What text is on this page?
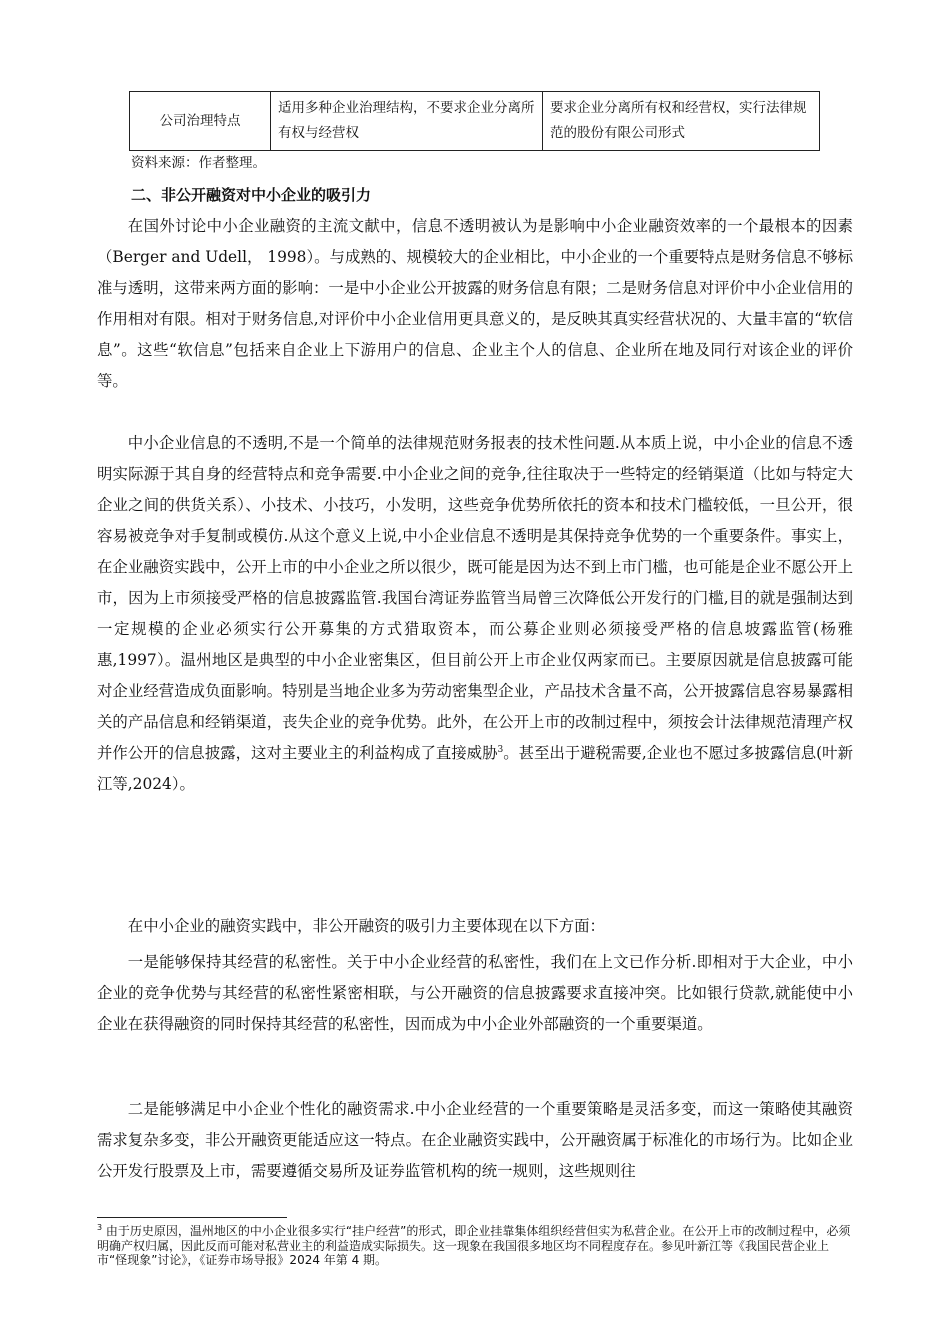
公司治理特点	适用多种企业治理结构，不要求企业分离所有权与经营权	要求企业分离所有权和经营权，实行法律规范的股份有限公司形式
资料来源：作者整理。
二、非公开融资对中小企业的吸引力

在国外讨论中小企业融资的主流文献中，信息不透明被认为是影响中小企业融资效率的一个最根本的因素（Berger and Udell， 1998）。与成熟的、规模较大的企业相比，中小企业的一个重要特点是财务信息不够标准与透明，这带来两方面的影响：一是中小企业公开披露的财务信息有限；二是财务信息对评价中小企业信用的作用相对有限。相对于财务信息,对评价中小企业信用更具意义的，是反映其真实经营状况的、大量丰富的“软信息”。这些“软信息”包括来自企业上下游用户的信息、企业主个人的信息、企业所在地及同行对该企业的评价等。

中小企业信息的不透明,不是一个简单的法律规范财务报表的技术性问题.从本质上说，中小企业的信息不透明实际源于其自身的经营特点和竞争需要.中小企业之间的竞争,往往取决于一些特定的经销渠道（比如与特定大企业之间的供货关系）、小技术、小技巧，小发明，这些竞争优势所依托的资本和技术门槛较低，一旦公开，很容易被竞争对手复制或模仿.从这个意义上说,中小企业信息不透明是其保持竞争优势的一个重要条件。事实上，在企业融资实践中，公开上市的中小企业之所以很少，既可能是因为达不到上市门槛，也可能是企业不愿公开上市，因为上市须接受严格的信息披露监管.我国台湾证券监管当局曾三次降低公开发行的门槛,目的就是强制达到一定规模的企业必须实行公开募集的方式猎取资本，而公募企业则必须接受严格的信息坡露监管(杨雅惠,1997）。温州地区是典型的中小企业密集区，但目前公开上市企业仅两家而已。主要原因就是信息披露可能对企业经营造成负面影响。特别是当地企业多为劳动密集型企业，产品技术含量不高，公开披露信息容易暴露相关的产品信息和经销渠道，丧失企业的竞争优势。此外，在公开上市的改制过程中，须按会计法律规范清理产权并作公开的信息披露，这对主要业主的利益构成了直接威胁$^3$。甚至出于避税需要,企业也不愿过多披露信息(叶新江等,2024）。

在中小企业的融资实践中，非公开融资的吸引力主要体现在以下方面：

一是能够保持其经营的私密性。关于中小企业经营的私密性，我们在上文已作分析.即相对于大企业，中小企业的竞争优势与其经营的私密性紧密相联，与公开融资的信息披露要求直接冲突。比如银行贷款,就能使中小企业在获得融资的同时保持其经营的私密性，因而成为中小企业外部融资的一个重要渠道。

二是能够满足中小企业个性化的融资需求.中小企业经营的一个重要策略是灵活多变，而这一策略使其融资需求复杂多变，非公开融资更能适应这一特点。在企业融资实践中，公开融资属于标准化的市场行为。比如企业公开发行股票及上市，需要遵循交易所及证券监管机构的统一规则，这些规则往

$^3$ 由于历史原因，温州地区的中小企业很多实行“挂户经营”的形式，即企业挂靠集体组织经营但实为私营企业。在公开上市的改制过程中，必须明确产权归属，因此反而可能对私营业主的利益造成实际损失。这一现象在我国很多地区均不同程度存在。参见叶新江等《我国民营企业上市“怪现象”讨论》，《证券市场导报》2024 年第 4 期。
